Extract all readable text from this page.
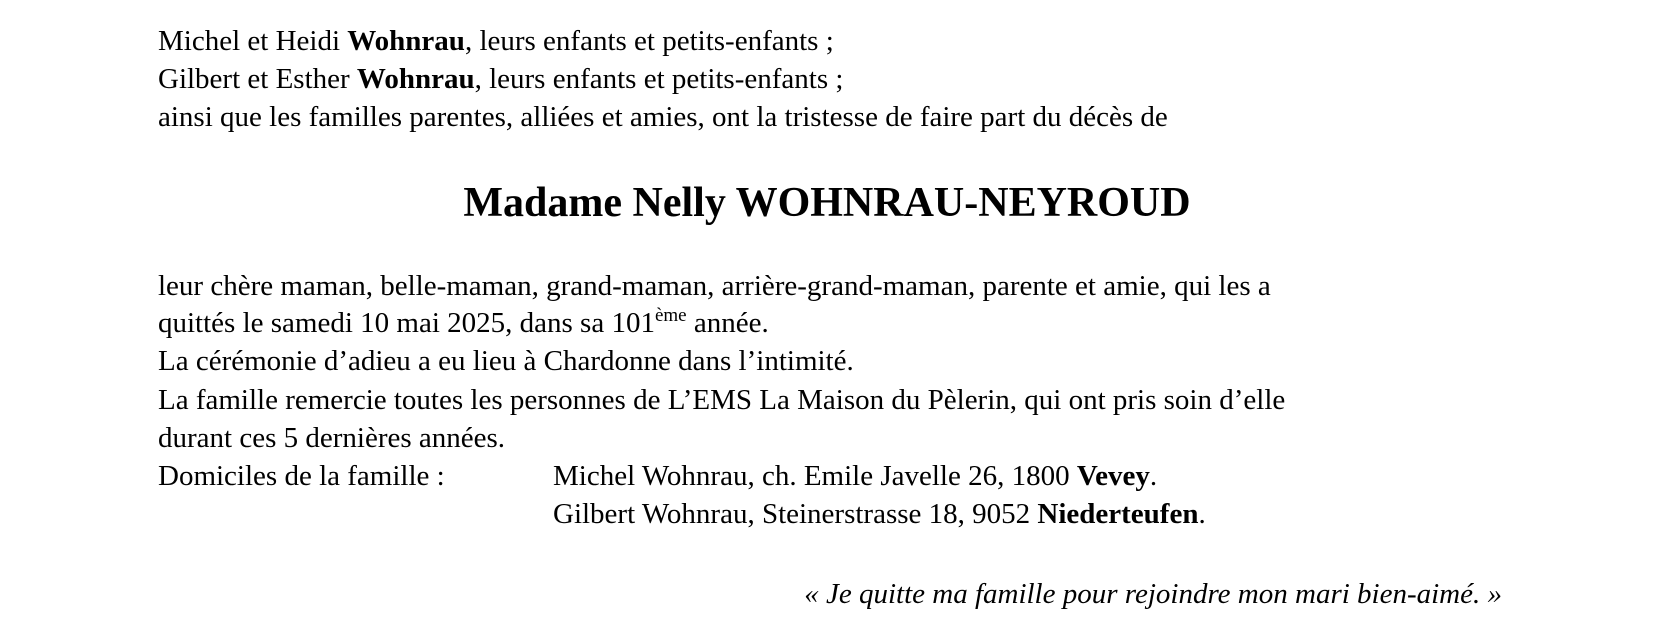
Michel et Heidi Wohnrau, leurs enfants et petits-enfants ;
Gilbert et Esther Wohnrau, leurs enfants et petits-enfants ;
ainsi que les familles parentes, alliées et amies, ont la tristesse de faire part du décès de
Madame Nelly WOHNRAU-NEYROUD
leur chère maman, belle-maman, grand-maman, arrière-grand-maman, parente et amie, qui les a
quittés le samedi 10 mai 2025, dans sa 101ème année.
La cérémonie d’adieu a eu lieu à Chardonne dans l’intimité.
La famille remercie toutes les personnes de L’EMS La Maison du Pèlerin, qui ont pris soin d’elle
durant ces 5 dernières années.
Domiciles de la famille :	Michel Wohnrau, ch. Emile Javelle 26, 1800 Vevey.
Gilbert Wohnrau, Steinerstrasse 18, 9052 Niederteufen.
« Je quitte ma famille pour rejoindre mon mari bien-aimé. »
